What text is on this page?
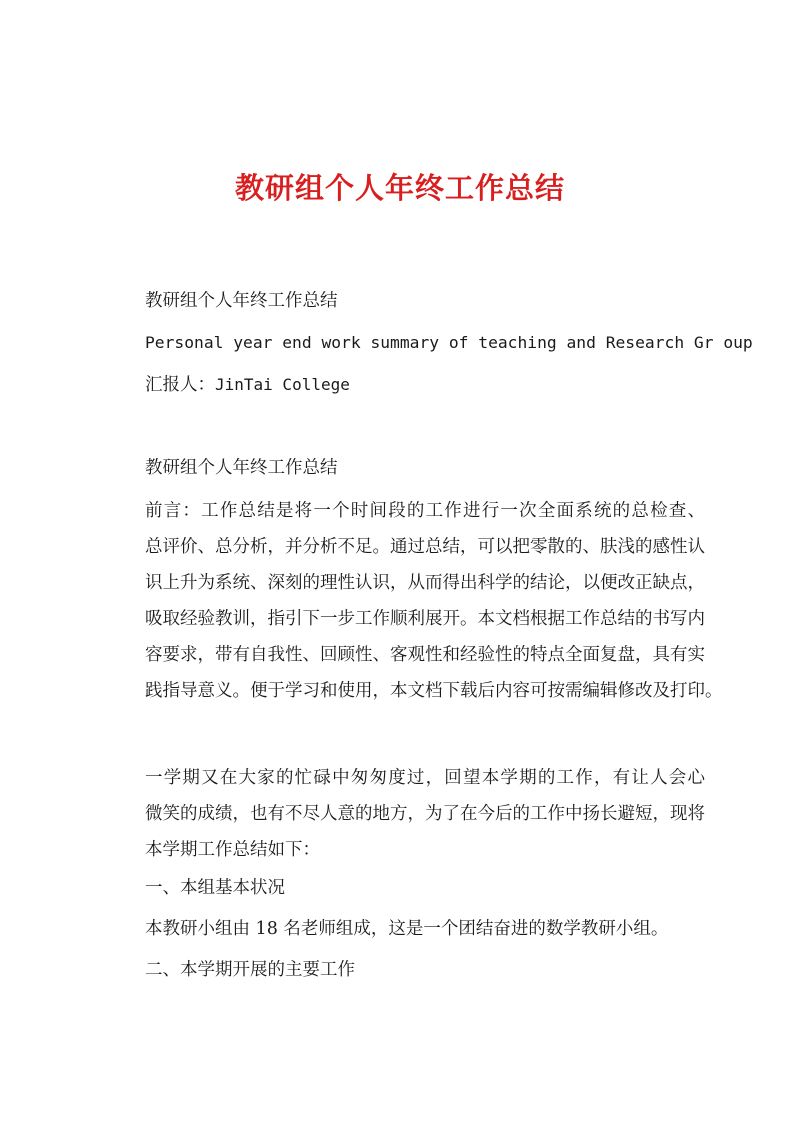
教研组个人年终工作总结
教研组个人年终工作总结
Personal year end work summary of teaching and Research Gr oup
汇报人：JinTai College
教研组个人年终工作总结
前言：工作总结是将一个时间段的工作进行一次全面系统的总检查、
总评价、总分析，并分析不足。通过总结，可以把零散的、肤浅的感性认
识上升为系统、深刻的理性认识，从而得出科学的结论，以便改正缺点，
吸取经验教训，指引下一步工作顺利展开。本文档根据工作总结的书写内
容要求，带有自我性、回顾性、客观性和经验性的特点全面复盘，具有实
践指导意义。便于学习和使用，本文档下载后内容可按需编辑修改及打印。
一学期又在大家的忙碌中匆匆度过，回望本学期的工作，有让人会心
微笑的成绩，也有不尽人意的地方，为了在今后的工作中扬长避短，现将
本学期工作总结如下：
一、本组基本状况
本教研小组由 18 名老师组成，这是一个团结奋进的数学教研小组。
二、本学期开展的主要工作
